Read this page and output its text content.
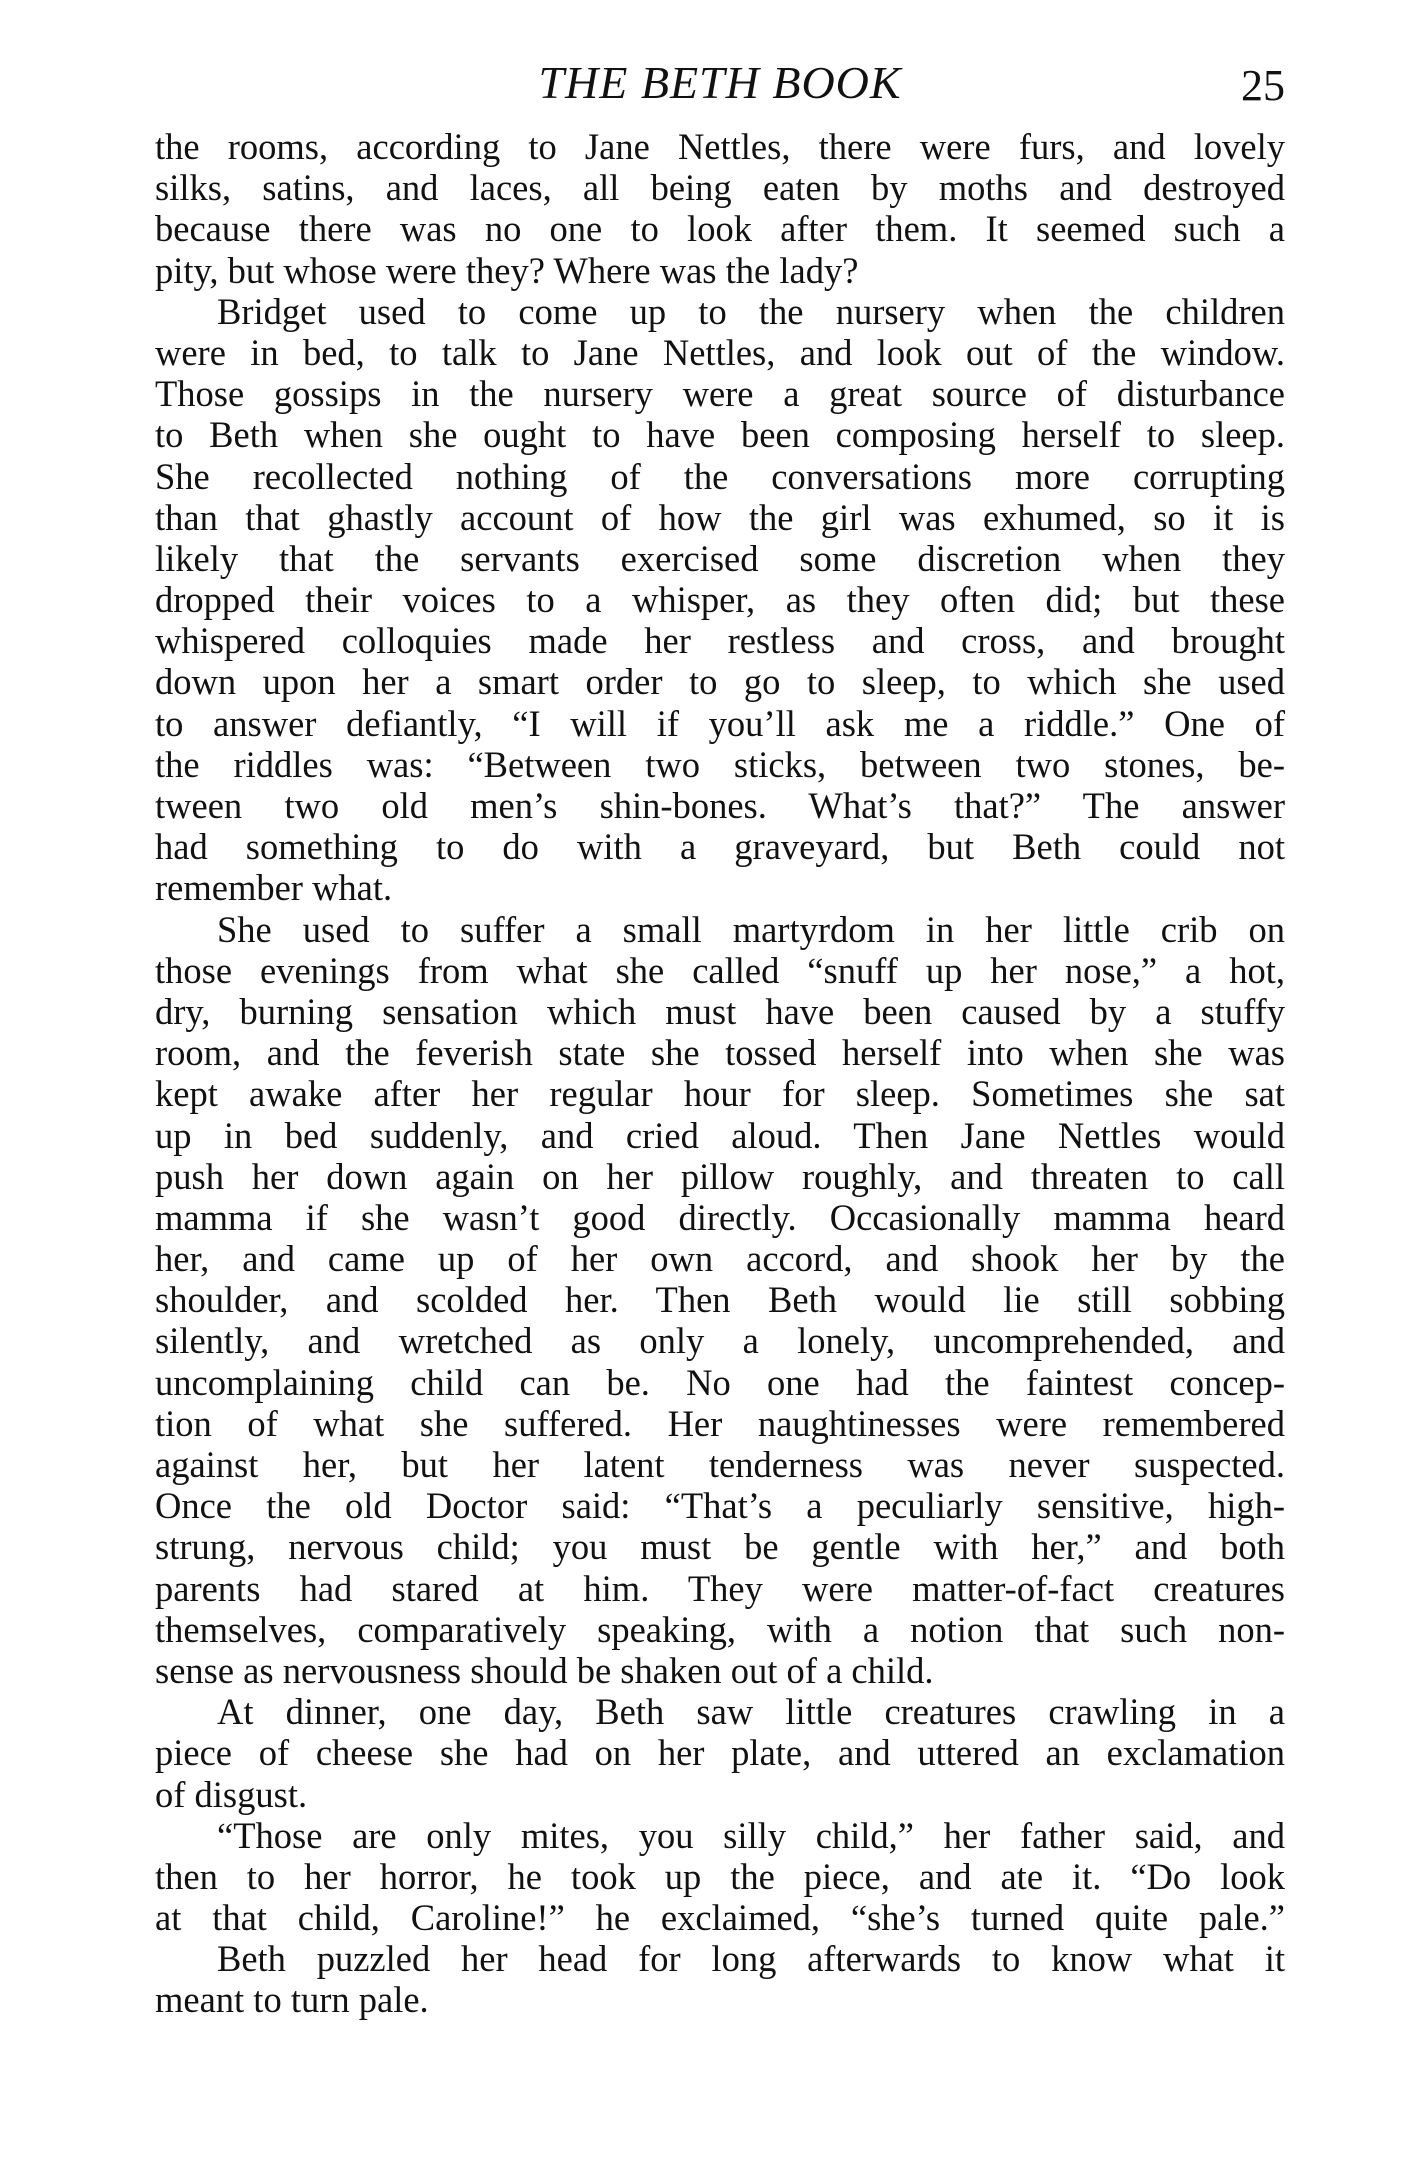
THE BETH BOOK	25
the rooms, according to Jane Nettles, there were furs, and lovely
silks, satins, and laces, all being eaten by moths and destroyed
because there was no one to look after them. It seemed such a
pity, but whose were they? Where was the lady?
Bridget used to come up to the nursery when the children
were in bed, to talk to Jane Nettles, and look out of the window.
Those gossips in the nursery were a great source of disturbance
to Beth when she ought to have been composing herself to sleep.
She recollected nothing of the conversations more corrupting
than that ghastly account of how the girl was exhumed, so it is
likely that the servants exercised some discretion when they
dropped their voices to a whisper, as they often did; but these
whispered colloquies made her restless and cross, and brought
down upon her a smart order to go to sleep, to which she used
to answer defiantly, “I will if you’ll ask me a riddle.” One of
the riddles was: “Between two sticks, between two stones, be-
tween two old men’s shin-bones. What’s that?” The answer
had something to do with a graveyard, but Beth could not
remember what.
She used to suffer a small martyrdom in her little crib on
those evenings from what she called “snuff up her nose,” a hot,
dry, burning sensation which must have been caused by a stuffy
room, and the feverish state she tossed herself into when she was
kept awake after her regular hour for sleep. Sometimes she sat
up in bed suddenly, and cried aloud. Then Jane Nettles would
push her down again on her pillow roughly, and threaten to call
mamma if she wasn’t good directly. Occasionally mamma heard
her, and came up of her own accord, and shook her by the
shoulder, and scolded her. Then Beth would lie still sobbing
silently, and wretched as only a lonely, uncomprehended, and
uncomplaining child can be. No one had the faintest concep-
tion of what she suffered. Her naughtinesses were remembered
against her, but her latent tenderness was never suspected.
Once the old Doctor said: “That’s a peculiarly sensitive, high-
strung, nervous child; you must be gentle with her,” and both
parents had stared at him. They were matter-of-fact creatures
themselves, comparatively speaking, with a notion that such non-
sense as nervousness should be shaken out of a child.
At dinner, one day, Beth saw little creatures crawling in a
piece of cheese she had on her plate, and uttered an exclamation
of disgust.
“Those are only mites, you silly child,” her father said, and
then to her horror, he took up the piece, and ate it. “Do look
at that child, Caroline!” he exclaimed, “she’s turned quite pale.”
Beth puzzled her head for long afterwards to know what it
meant to turn pale.
